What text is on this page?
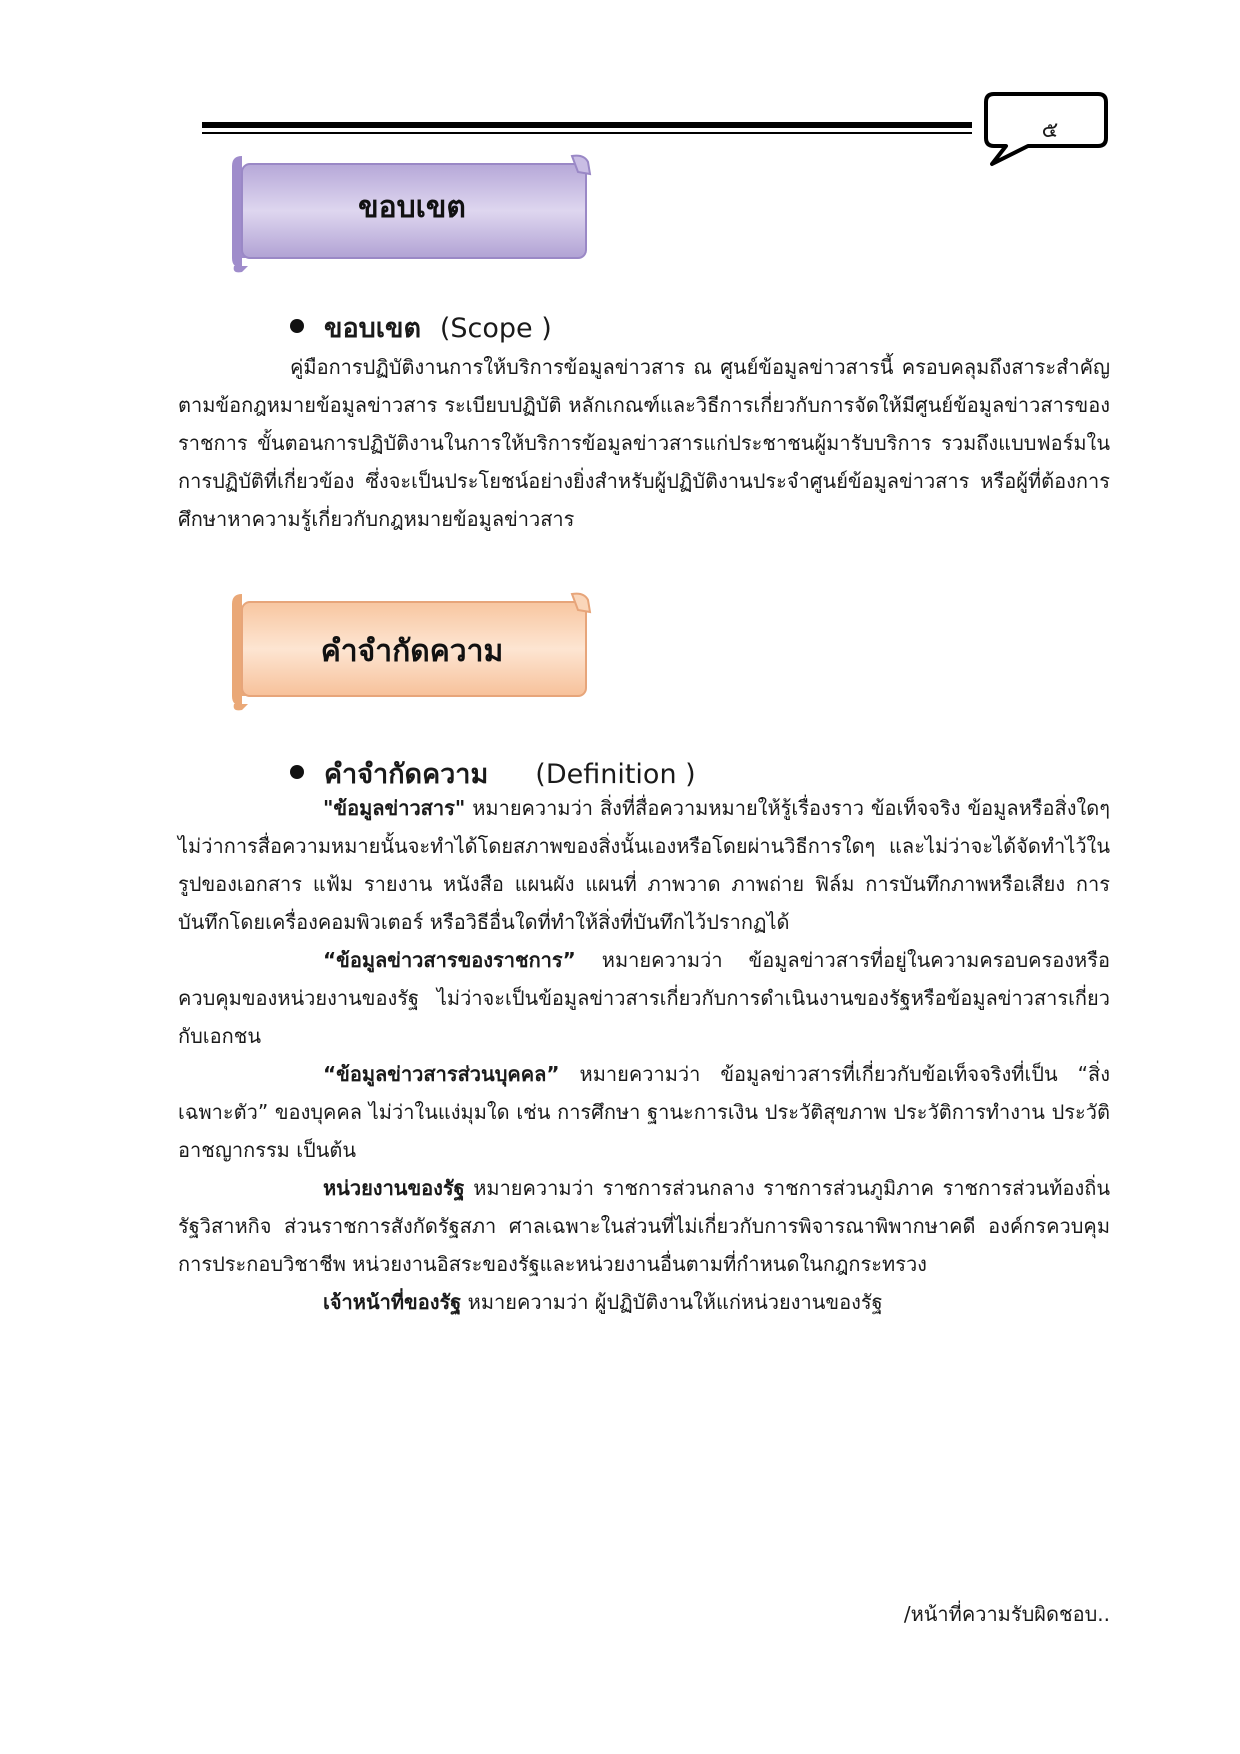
๕
ขอบเขต
ขอบเขต (Scope )

คู่มือการปฏิบัติงานการให้บริการข้อมูลข่าวสาร ณ ศูนย์ข้อมูลข่าวสารนี้ ครอบคลุมถึงสาระสำคัญตามข้อกฎหมายข้อมูลข่าวสาร ระเบียบปฏิบัติ หลักเกณฑ์และวิธีการเกี่ยวกับการจัดให้มีศูนย์ข้อมูลข่าวสารของราชการ ขั้นตอนการปฏิบัติงานในการให้บริการข้อมูลข่าวสารแก่ประชาชนผู้มารับบริการ รวมถึงแบบฟอร์มในการปฏิบัติที่เกี่ยวข้อง ซึ่งจะเป็นประโยชน์อย่างยิ่งสำหรับผู้ปฏิบัติงานประจำศูนย์ข้อมูลข่าวสาร หรือผู้ที่ต้องการศึกษาหาความรู้เกี่ยวกับกฎหมายข้อมูลข่าวสาร

คำจำกัดความ
คำจำกัดความ (Definition )

"ข้อมูลข่าวสาร" หมายความว่า สิ่งที่สื่อความหมายให้รู้เรื่องราว ข้อเท็จจริง ข้อมูลหรือสิ่งใดๆ ไม่ว่าการสื่อความหมายนั้นจะทำได้โดยสภาพของสิ่งนั้นเองหรือโดยผ่านวิธีการใดๆ และไม่ว่าจะได้จัดทำไว้ในรูปของเอกสาร แฟ้ม รายงาน หนังสือ แผนผัง แผนที่ ภาพวาด ภาพถ่าย ฟิล์ม การบันทึกภาพหรือเสียง การบันทึกโดยเครื่องคอมพิวเตอร์ หรือวิธีอื่นใดที่ทำให้สิ่งที่บันทึกไว้ปรากฏได้

“ข้อมูลข่าวสารของราชการ” หมายความว่า ข้อมูลข่าวสารที่อยู่ในความครอบครองหรือควบคุมของหน่วยงานของรัฐ ไม่ว่าจะเป็นข้อมูลข่าวสารเกี่ยวกับการดำเนินงานของรัฐหรือข้อมูลข่าวสารเกี่ยวกับเอกชน

“ข้อมูลข่าวสารส่วนบุคคล” หมายความว่า ข้อมูลข่าวสารที่เกี่ยวกับข้อเท็จจริงที่เป็น “สิ่งเฉพาะตัว” ของบุคคล ไม่ว่าในแง่มุมใด เช่น การศึกษา ฐานะการเงิน ประวัติสุขภาพ ประวัติการทำงาน ประวัติอาชญากรรม เป็นต้น

หน่วยงานของรัฐ หมายความว่า ราชการส่วนกลาง ราชการส่วนภูมิภาค ราชการส่วนท้องถิ่น รัฐวิสาหกิจ ส่วนราชการสังกัดรัฐสภา ศาลเฉพาะในส่วนที่ไม่เกี่ยวกับการพิจารณาพิพากษาคดี องค์กรควบคุมการประกอบวิชาชีพ หน่วยงานอิสระของรัฐและหน่วยงานอื่นตามที่กำหนดในกฎกระทรวง

เจ้าหน้าที่ของรัฐ หมายความว่า ผู้ปฏิบัติงานให้แก่หน่วยงานของรัฐ

/หน้าที่ความรับผิดชอบ..
